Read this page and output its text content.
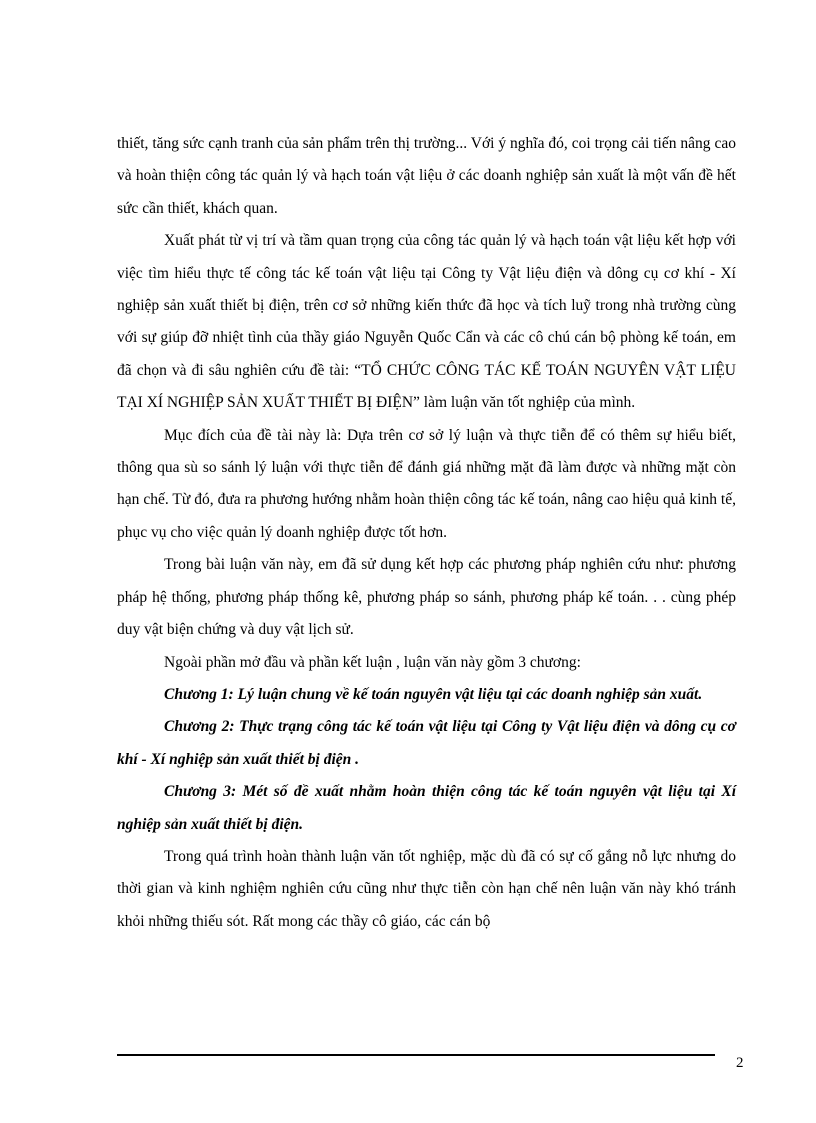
thiết, tăng sức cạnh tranh của sản phẩm trên thị trường... Với ý nghĩa đó, coi trọng cải tiến nâng cao và hoàn thiện công tác quản lý và hạch toán vật liệu ở các doanh nghiệp sản xuất là một vấn đề hết sức cần thiết, khách quan.

Xuất phát từ vị trí và tầm quan trọng của công tác quản lý và hạch toán vật liệu kết hợp với việc tìm hiểu thực tế công tác kế toán vật liệu tại Công ty Vật liệu điện và dông cụ cơ khí - Xí nghiệp sản xuất thiết bị điện, trên cơ sở những kiến thức đã học và tích luỹ trong nhà trường cùng với sự giúp đỡ nhiệt tình của thầy giáo Nguyễn Quốc Cẩn và các cô chú cán bộ phòng kế toán, em đã chọn và đi sâu nghiên cứu đề tài: “TỔ CHỨC CÔNG TÁC KẾ TOÁN NGUYÊN VẬT LIỆU TẠI XÍ NGHIỆP SẢN XUẤT THIẾT BỊ ĐIỆN” làm luận văn tốt nghiệp của mình.

Mục đích của đề tài này là: Dựa trên cơ sở lý luận và thực tiễn để có thêm sự hiểu biết, thông qua sù so sánh lý luận với thực tiễn để đánh giá những mặt đã làm được và những mặt còn hạn chế. Từ đó, đưa ra phương hướng nhằm hoàn thiện công tác kế toán, nâng cao hiệu quả kinh tế, phục vụ cho việc quản lý doanh nghiệp được tốt hơn.

Trong bài luận văn này, em đã sử dụng kết hợp các phương pháp nghiên cứu như: phương pháp hệ thống, phương pháp thống kê, phương pháp so sánh, phương pháp kế toán. . . cùng phép duy vật biện chứng và duy vật lịch sử.

Ngoài phần mở đầu và phần kết luận , luận văn này gồm 3 chương:

Chương 1: Lý luận chung về kế toán nguyên vật liệu tại các doanh nghiệp sản xuất.

Chương 2: Thực trạng công tác kế toán vật liệu tại Công ty Vật liệu điện và dông cụ cơ khí - Xí nghiệp sản xuất thiết bị điện .

Chương 3: Mét số đề xuất nhằm hoàn thiện công tác kế toán nguyên vật liệu tại Xí nghiệp sản xuất thiết bị điện.

Trong quá trình hoàn thành luận văn tốt nghiệp, mặc dù đã có sự cố gắng nỗ lực nhưng do thời gian và kinh nghiệm nghiên cứu cũng như thực tiễn còn hạn chế nên luận văn này khó tránh khỏi những thiếu sót. Rất mong các thầy cô giáo, các cán bộ

2
